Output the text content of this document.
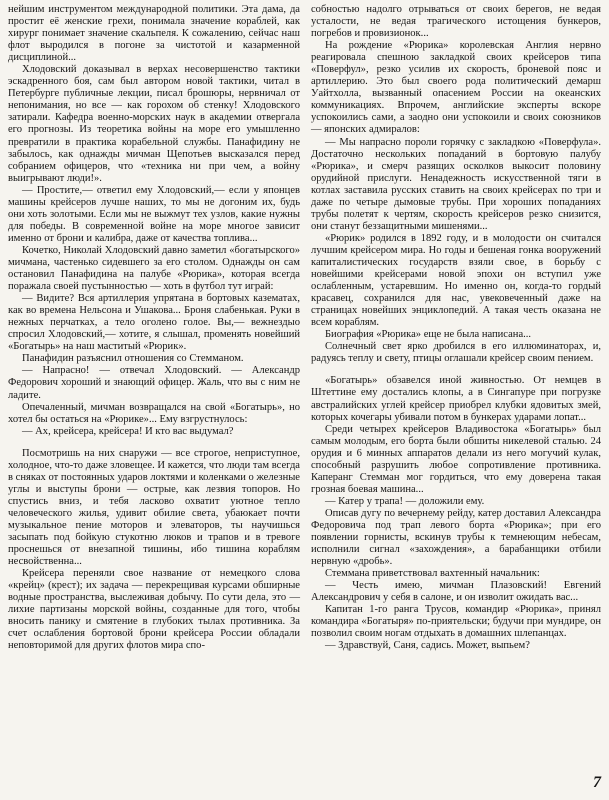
нейшим инструментом международной политики. Эта дама, да простит её женские грехи, понимала значение кораблей, как хирург понимает значение скальпеля. К сожалению, сейчас наш флот выродился в погоне за чистотой и казарменной дисциплиной...

Хлодовский доказывал в верхах несовершенство тактики эскадренного боя, сам был автором новой тактики, читал в Петербурге публичные лекции, писал брошюры, нервничал от непонимания, но все — как горохом об стенку! Хлодовского затирали. Кафедра военно-морских наук в академии отвергала его прогнозы. Из теоретика войны на море его умышленно превратили в практика корабельной службы. Панафидину не забылось, как однажды мичман Щепотьев высказался перед собранием офицеров, что «техника ни при чем, а войну выигрывают люди!».

— Простите,— ответил ему Хлодовский,— если у японцев машины крейсеров лучше наших, то мы не догоним их, будь они хоть золотыми. Если мы не выжмут тех узлов, какие нужны для победы. В современной войне на море многое зависит именно от брони и калибра, даже от качества топлива...

Кочетко, Николай Хлодовский давно заметил «богатырского» мичмана, частенько сидевшего за его столом. Однажды он сам остановил Панафидина на палубе «Рюрика», которая всегда поражала своей пустынностью — хоть в футбол тут играй:

— Видите? Вся артиллерия упрятана в бортовых казематах, как во времена Нельсона и Ушакова... Броня слабенькая. Руки в нежных перчатках, а тело оголено голое. Вы,— вежнездыо спросил Хлодовский,— хотите, я слышал, променять новейший «Богатырь» на наш маститый «Рюрик».

Панафидин разъяснил отношения со Стемманом.

— Напрасно! — отвечал Хлодовский. — Александр Федорович хороший и знающий офицер. Жаль, что вы с ним не ладите.

Опечаленный, мичман возвращался на свой «Богатырь», но хотел бы остаться на «Рюрике»... Ему взгрустнулось:

— Ах, крейсера, крейсера! И кто вас выдумал?

Посмотришь на них снаружи — все строгое, неприступное, холодное, что-то даже зловещее. И кажется, что люди там всегда в сняках от постоянных ударов локтями и коленками о железные углы и выступы брони — острые, как лезвия топоров. Но спустись вниз, и тебя ласково охватит уютное тепло человеческого жилья, удивит обилие света, убаюкает почти музыкальное пение моторов и элеваторов, ты научишься засыпать под бойкую стукотню люков и трапов и в тревоге проснешься от внезапной тишины, ибо тишина кораблям несвойственна...

Крейсера переняли свое название от немецкого слова «крейц» (крест); их задача — перекрещивая курсами обширные водные пространства, выслеживая добычу. По сути дела, это — лихие партизаны морской войны, созданные для того, чтобы вносить панику и смятение в глубоких тылах противника. За счет ослабления бортовой брони крейсера России обладали неповторимой для других флотов мира спо-

собностью надолго отрываться от своих берегов, не ведая усталости, не ведая трагического истощения бункеров, погребов и провизионок...

На рождение «Рюрика» королевская Англия нервно реагировала спешною закладкой своих крейсеров типа «Поверфул», резко усилив их скорость, броневой пояс и артиллерию. Это был своего рода политический демарш Уайтхолла, вызванный опасением России на океанских коммуникациях. Впрочем, английские эксперты вскоре успокоились сами, а заодно они успокоили и своих союзников — японских адмиралов:

— Мы напрасно пороли горячку с закладкою «Поверфула». Достаточно нескольких попаданий в бортовую палубу «Рюрика», и смерч разящих осколков выкосит половину орудийной прислуги. Ненадежность искусственной тяги в котлах заставила русских ставить на своих крейсерах по три и даже по четыре дымовые трубы. При хороших попаданиях трубы полетят к чертям, скорость крейсеров резко снизится, они станут беззащитными мишенями...

«Рюрик» родился в 1892 году, и в молодости он считался лучшим крейсером мира. Но годы и бешеная гонка вооружений капиталистических государств взяли свое, в борьбу с новейшими крейсерами новой эпохи он вступил уже ослабленным, устаревшим. Но именно он, когда-то гордый красавец, сохранился для нас, увековеченный даже на страницах новейших энциклопедий. А такая честь оказана не всем кораблям.

Биография «Рюрика» еще не была написана...

Солнечный свет ярко дробился в его иллюминаторах, и, радуясь теплу и свету, птицы оглашали крейсер своим пением.

«Богатырь» обзавелся иной живностью. От немцев в Штеттине ему достались клопы, а в Сингапуре при погрузке австралийских углей крейсер приобрел клубки ядовитых змей, которых кочегары убивали потом в бункерах ударами лопат...

Среди четырех крейсеров Владивостока «Богатырь» был самым молодым, его борта были обшиты никелевой сталью. 24 орудия и 6 минных аппаратов делали из него могучий кулак, способный разрушить любое сопротивление противника. Каперанг Стемман мог гордиться, что ему доверена такая грозная боевая машина...

— Катер у трапа! — доложили ему.

Описав дугу по вечернему рейду, катер доставил Александра Федоровича под трап левого борта «Рюрика»; при его появлении горнисты, вскинув трубы к темнеющим небесам, исполнили сигнал «захождения», а барабанщики отбили нервную «дробь».

Стеммана приветствовал вахтенный начальник:

— Честь имею, мичман Плазовский! Евгений Александрович у себя в салоне, и он изволит ожидать вас...

Капитан 1-го ранга Трусов, командир «Рюрика», принял командира «Богатыря» по-приятельски; будучи при мундире, он позволил своим ногам отдыхать в домашних шлепанцах.

— Здравствуй, Саня, садись. Может, выпьем?

7
